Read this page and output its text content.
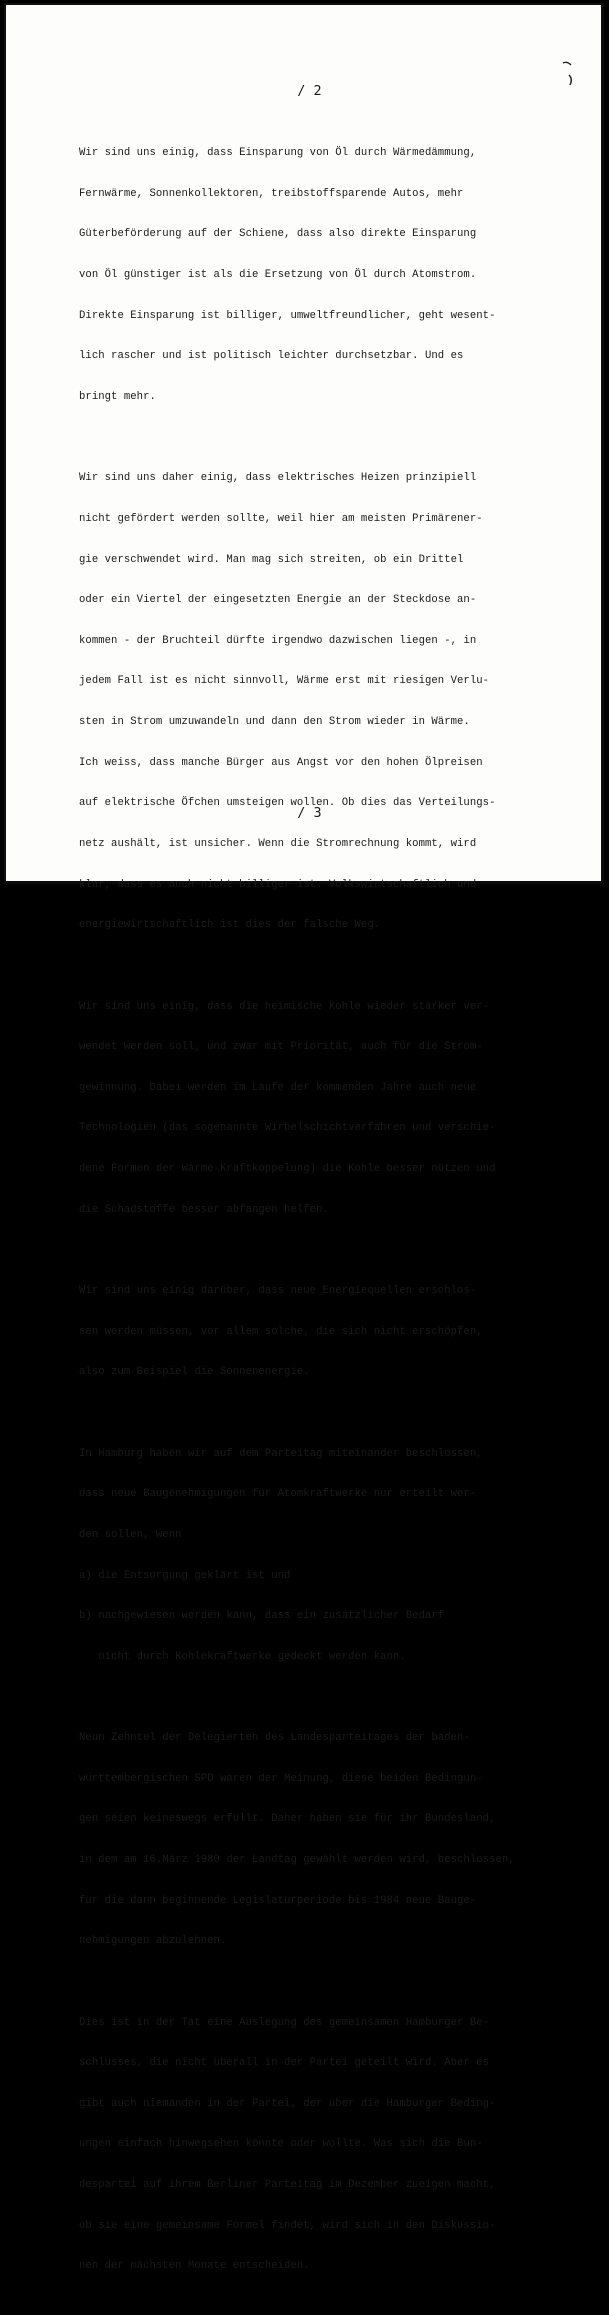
/ 2

Wir sind uns einig, dass Einsparung von Öl durch Wärmedämmung,

Fernwärme, Sonnenkollektoren, treibstoffsparende Autos, mehr

Güterbeförderung auf der Schiene, dass also direkte Einsparung

von Öl günstiger ist als die Ersetzung von Öl durch Atomstrom.

Direkte Einsparung ist billiger, umweltfreundlicher, geht wesent-

lich rascher und ist politisch leichter durchsetzbar. Und es

bringt mehr.

Wir sind uns daher einig, dass elektrisches Heizen prinzipiell

nicht gefördert werden sollte, weil hier am meisten Primärener-

gie verschwendet wird. Man mag sich streiten, ob ein Drittel

oder ein Viertel der eingesetzten Energie an der Steckdose an-

kommen - der Bruchteil dürfte irgendwo dazwischen liegen -, in

jedem Fall ist es nicht sinnvoll, Wärme erst mit riesigen Verlu-

sten in Strom umzuwandeln und dann den Strom wieder in Wärme.

Ich weiss, dass manche Bürger aus Angst vor den hohen Ölpreisen

auf elektrische Öfchen umsteigen wollen. Ob dies das Verteilungs-

netz aushält, ist unsicher. Wenn die Stromrechnung kommt, wird

klar, dass es auch nicht billiger ist. Volkswirtschaftlich und

energiewirtschaftlich ist dies der falsche Weg.

Wir sind uns einig, dass die heimische Kohle wieder stärker ver-

wendet werden soll, und zwar mit Priorität, auch für die Strom-

gewinnung. Dabei werden im Laufe der kommenden Jahre auch neue

Technologien (das sogenannte Wirbelschichtverfahren und verschie-

dene Formen der Wärme-Kraftkoppelung) die Kohle besser nützen und

die Schadstoffe besser abfangen helfen.

Wir sind uns einig darüber, dass neue Energiequellen erschlos-

sen werden müssen, vor allem solche, die sich nicht erschöpfen,

also zum Beispiel die Sonnenenergie.

In Hamburg haben wir auf dem Parteitag miteinander beschlossen,

dass neue Baugenehmigungen für Atomkraftwerke nur erteilt wer-

den sollen, wenn

a) die Entsorgung geklärt ist und

b) nachgewiesen werden kann, dass ein zusätzlicher Bedarf

nicht durch Kohlekraftwerke gedeckt werden kann.

Neun Zehntel der Delegierten des Landesparteitages der baden-

württembergischen SPD waren der Meinung, diese beiden Bedingun-

gen seien keineswegs erfüllt. Daher haben sie für ihr Bundesland,

in dem am 16.März 1980 der Landtag gewählt werden wird, beschlossen,

für die dann beginnende Legislaturperiode bis 1984 neue Bauge-

nehmigungen abzulehnen.

Dies ist in der Tat eine Auslegung des gemeinsamen Hamburger Be-

schlusses, die nicht überall in der Partei geteilt wird. Aber es

gibt auch niemanden in der Partei, der über die Hamburger Beding-

ungen einfach hinwegsehen könnte oder wollte. Was sich die Bun-

despartei auf ihrem Berliner Parteitag im Dezember zueigen macht,

ob sie eine gemeinsame Formel findet, wird sich in den Diskussio-

nen der nächsten Monate entscheiden.

/ 3
